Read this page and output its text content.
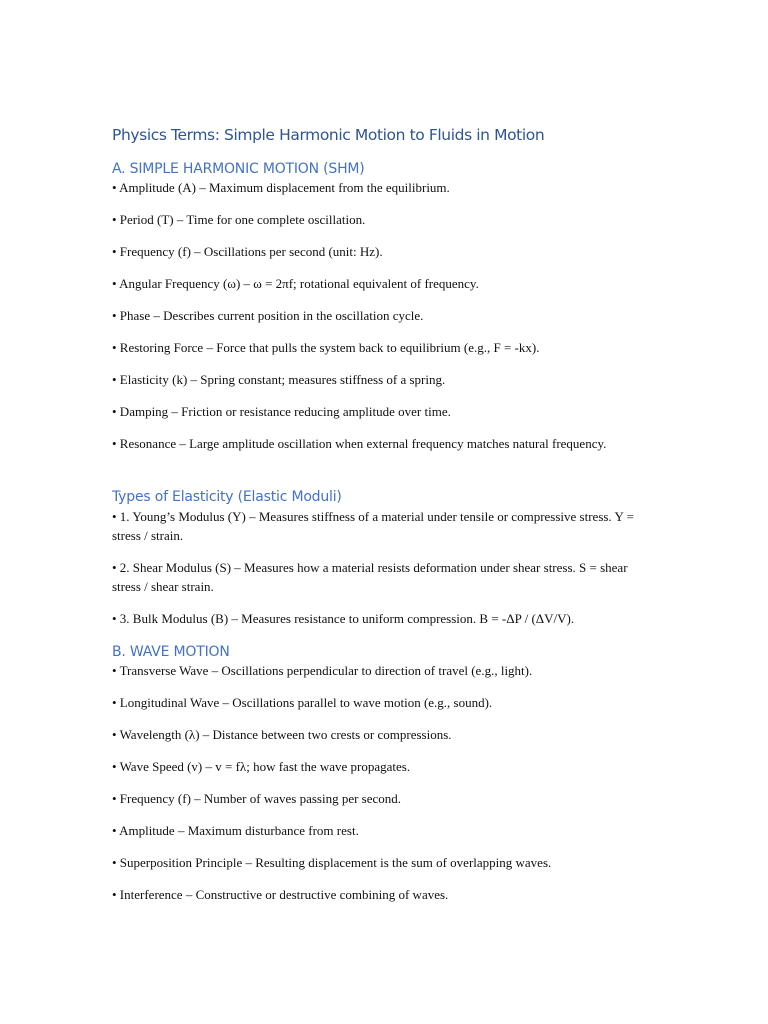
Physics Terms: Simple Harmonic Motion to Fluids in Motion
A. SIMPLE HARMONIC MOTION (SHM)
• Amplitude (A) – Maximum displacement from the equilibrium.
• Period (T) – Time for one complete oscillation.
• Frequency (f) – Oscillations per second (unit: Hz).
• Angular Frequency (ω) – ω = 2πf; rotational equivalent of frequency.
• Phase – Describes current position in the oscillation cycle.
• Restoring Force – Force that pulls the system back to equilibrium (e.g., F = -kx).
• Elasticity (k) – Spring constant; measures stiffness of a spring.
• Damping – Friction or resistance reducing amplitude over time.
• Resonance – Large amplitude oscillation when external frequency matches natural frequency.
Types of Elasticity (Elastic Moduli)
• 1. Young’s Modulus (Y) – Measures stiffness of a material under tensile or compressive stress. Y = stress / strain.
• 2. Shear Modulus (S) – Measures how a material resists deformation under shear stress. S = shear stress / shear strain.
• 3. Bulk Modulus (B) – Measures resistance to uniform compression. B = -ΔP / (ΔV/V).
B. WAVE MOTION
• Transverse Wave – Oscillations perpendicular to direction of travel (e.g., light).
• Longitudinal Wave – Oscillations parallel to wave motion (e.g., sound).
• Wavelength (λ) – Distance between two crests or compressions.
• Wave Speed (v) – v = fλ; how fast the wave propagates.
• Frequency (f) – Number of waves passing per second.
• Amplitude – Maximum disturbance from rest.
• Superposition Principle – Resulting displacement is the sum of overlapping waves.
• Interference – Constructive or destructive combining of waves.
